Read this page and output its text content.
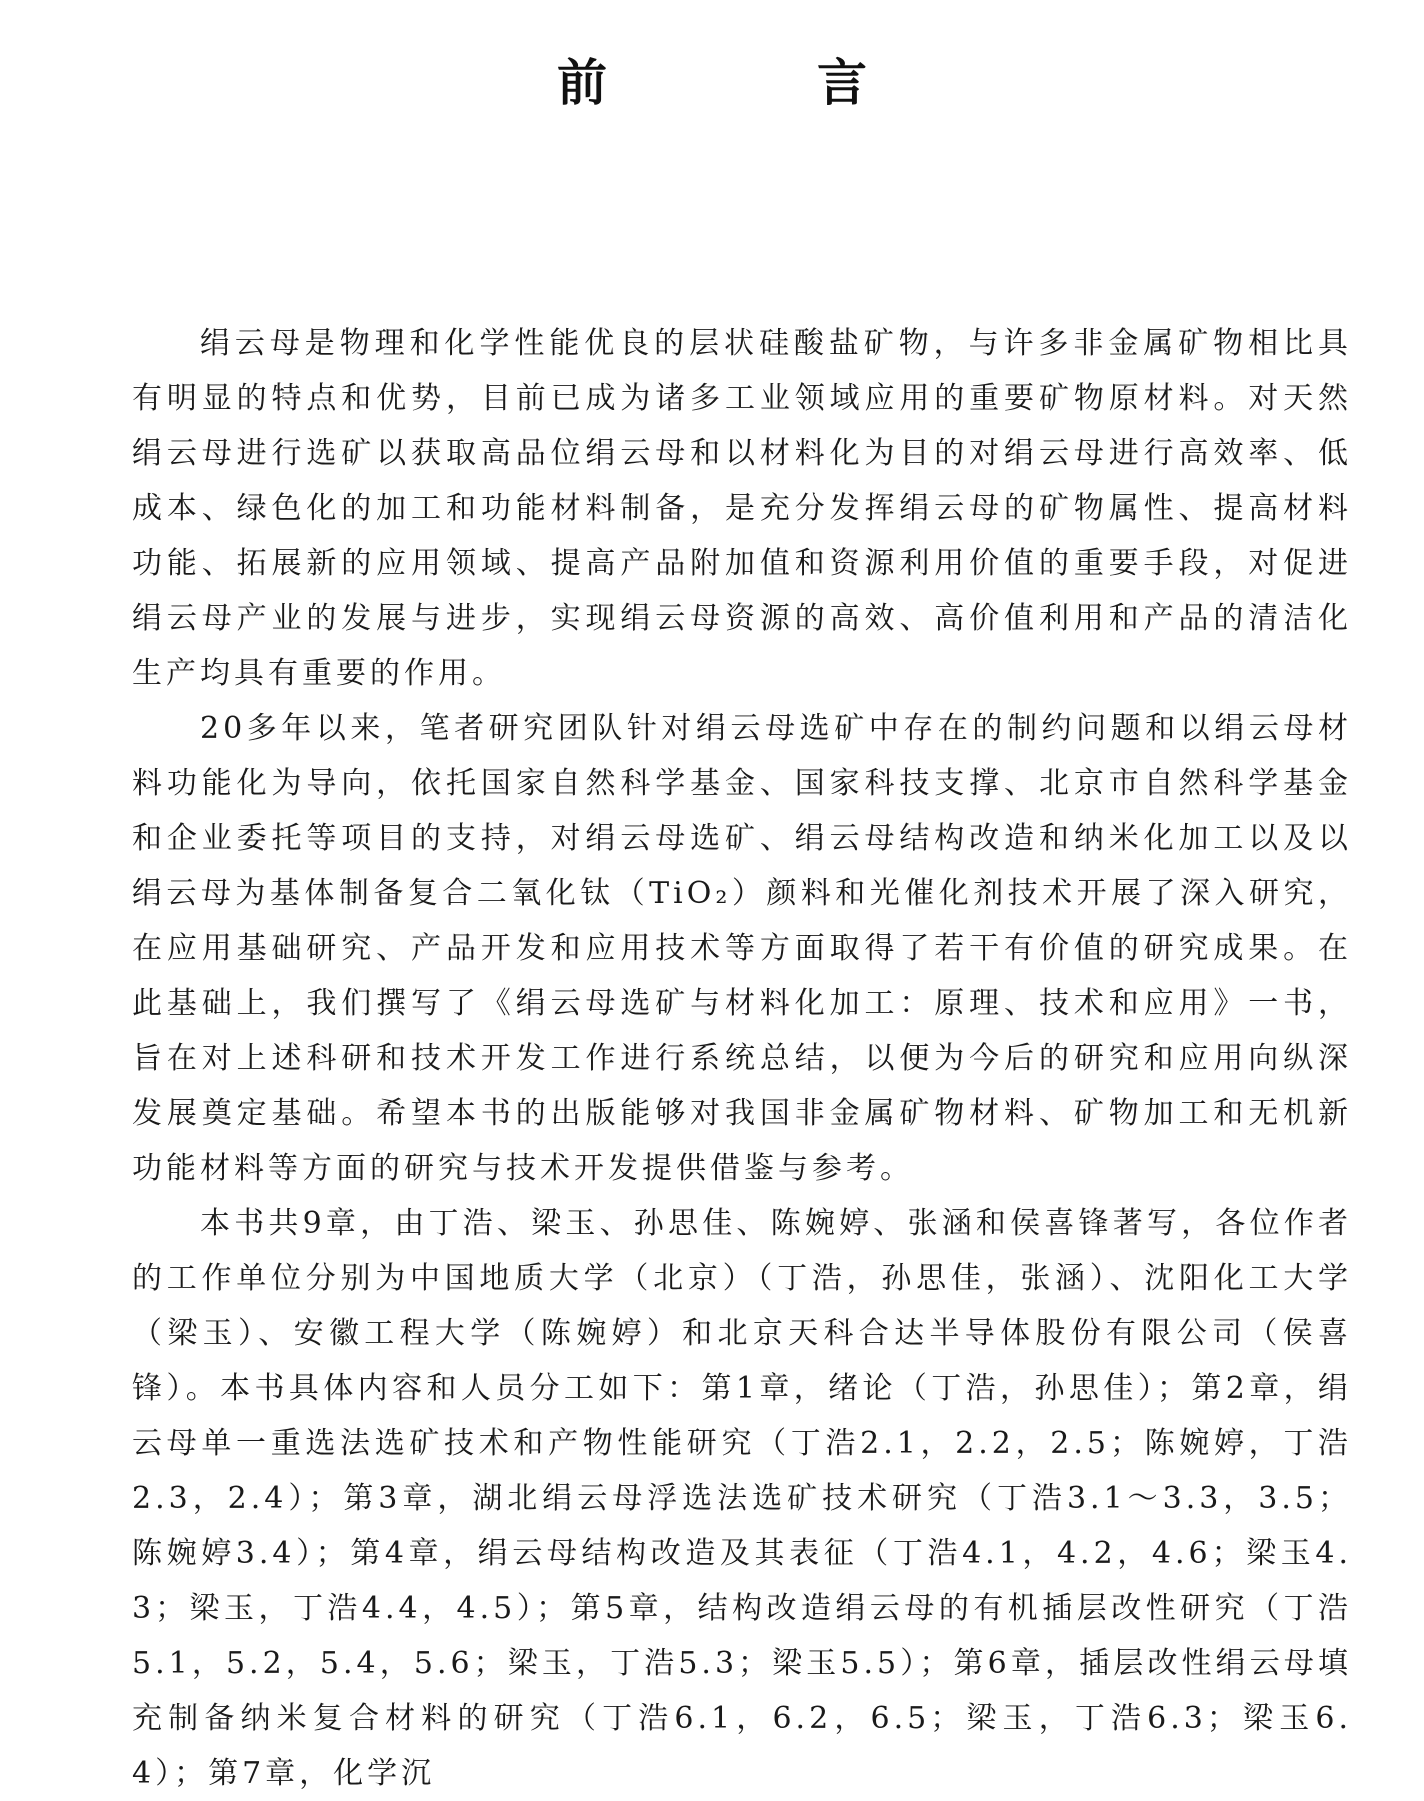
前　言

绢云母是物理和化学性能优良的层状硅酸盐矿物，与许多非金属矿物相比具有明显的特点和优势，目前已成为诸多工业领域应用的重要矿物原材料。对天然绢云母进行选矿以获取高品位绢云母和以材料化为目的对绢云母进行高效率、低成本、绿色化的加工和功能材料制备，是充分发挥绢云母的矿物属性、提高材料功能、拓展新的应用领域、提高产品附加值和资源利用价值的重要手段，对促进绢云母产业的发展与进步，实现绢云母资源的高效、高价值利用和产品的清洁化生产均具有重要的作用。

20多年以来，笔者研究团队针对绢云母选矿中存在的制约问题和以绢云母材料功能化为导向，依托国家自然科学基金、国家科技支撑、北京市自然科学基金和企业委托等项目的支持，对绢云母选矿、绢云母结构改造和纳米化加工以及以绢云母为基体制备复合二氧化钛（TiO₂）颜料和光催化剂技术开展了深入研究，在应用基础研究、产品开发和应用技术等方面取得了若干有价值的研究成果。在此基础上，我们撰写了《绢云母选矿与材料化加工：原理、技术和应用》一书，旨在对上述科研和技术开发工作进行系统总结，以便为今后的研究和应用向纵深发展奠定基础。希望本书的出版能够对我国非金属矿物材料、矿物加工和无机新功能材料等方面的研究与技术开发提供借鉴与参考。

本书共9章，由丁浩、梁玉、孙思佳、陈婉婷、张涵和侯喜锋著写，各位作者的工作单位分别为中国地质大学（北京）（丁浩，孙思佳，张涵）、沈阳化工大学（梁玉）、安徽工程大学（陈婉婷）和北京天科合达半导体股份有限公司（侯喜锋）。本书具体内容和人员分工如下：第1章，绪论（丁浩，孙思佳）；第2章，绢云母单一重选法选矿技术和产物性能研究（丁浩2.1，2.2，2.5；陈婉婷，丁浩2.3，2.4）；第3章，湖北绢云母浮选法选矿技术研究（丁浩3.1～3.3，3.5；陈婉婷3.4）；第4章，绢云母结构改造及其表征（丁浩4.1，4.2，4.6；梁玉4.3；梁玉，丁浩4.4，4.5）；第5章，结构改造绢云母的有机插层改性研究（丁浩5.1，5.2，5.4，5.6；梁玉，丁浩5.3；梁玉5.5）；第6章，插层改性绢云母填充制备纳米复合材料的研究（丁浩6.1，6.2，6.5；梁玉，丁浩6.3；梁玉6.4）；第7章，化学沉
